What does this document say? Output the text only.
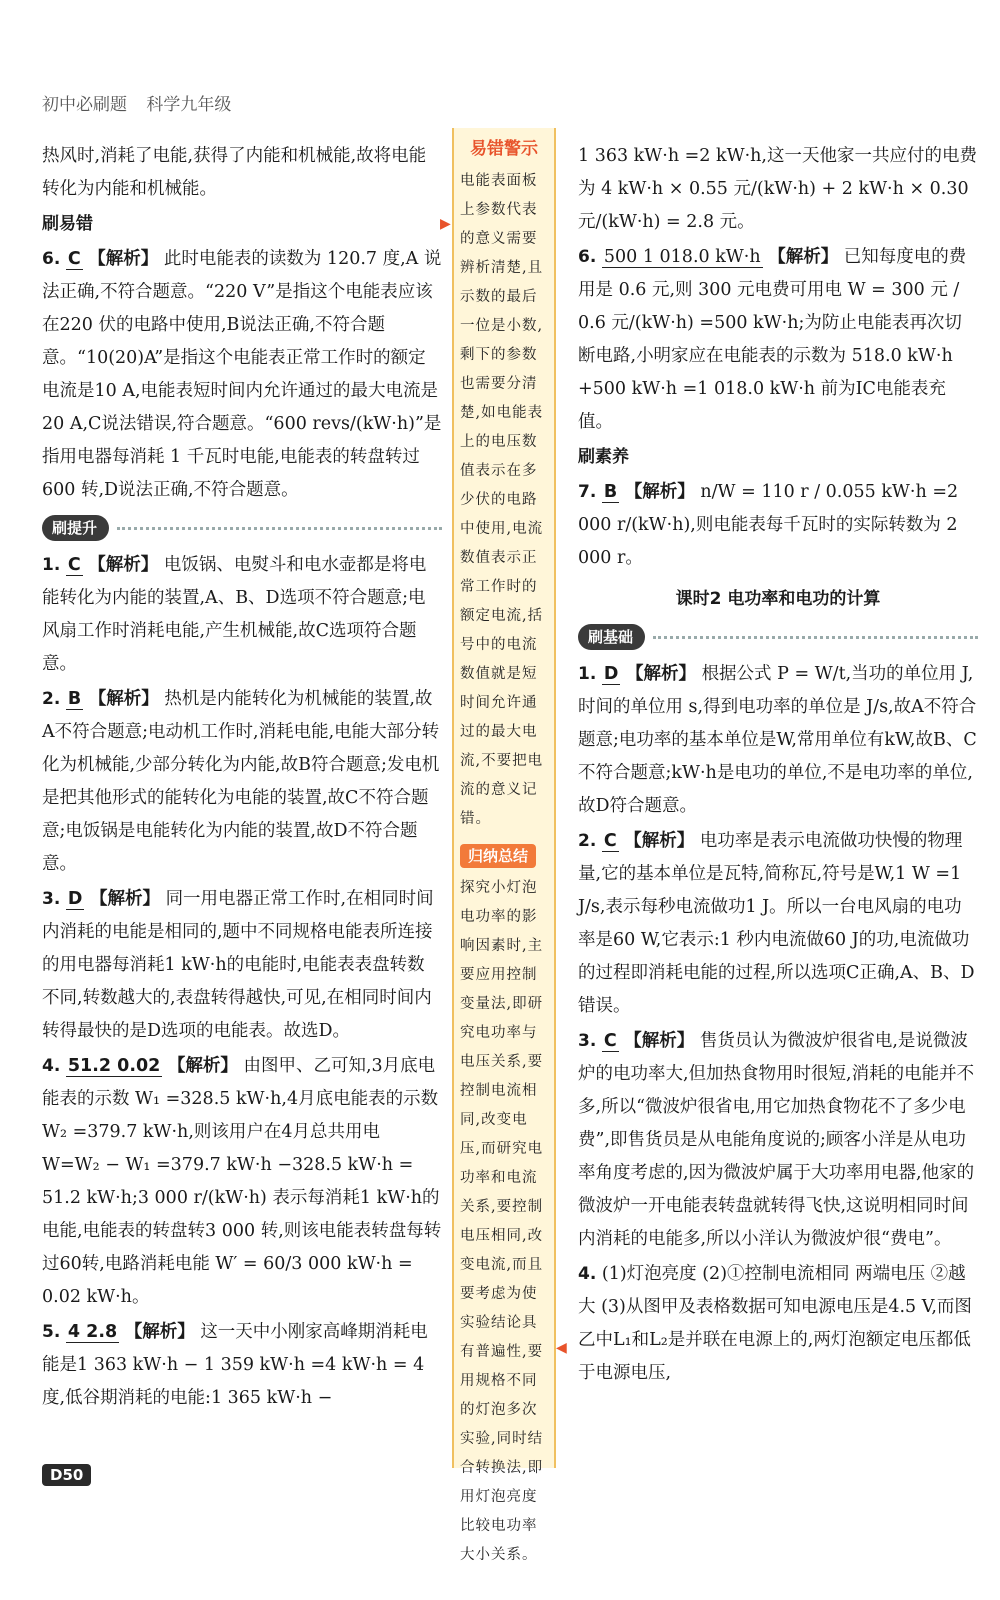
初中必刷题 科学九年级
热风时,消耗了电能,获得了内能和机械能,故将电能转化为内能和机械能。
刷易错
6. C 【解析】 此时电能表的读数为 120.7 度,A 说法正确,不符合题意。“220 V”是指这个电能表应该在220 伏的电路中使用,B说法正确,不符合题意。“10(20)A”是指这个电能表正常工作时的额定电流是10 A,电能表短时间内允许通过的最大电流是 20 A,C说法错误,符合题意。“600 revs/(kW·h)”是指用电器每消耗 1 千瓦时电能,电能表的转盘转过600 转,D说法正确,不符合题意。
刷提升
1. C 【解析】 电饭锅、电熨斗和电水壶都是将电能转化为内能的装置,A、B、D选项不符合题意;电风扇工作时消耗电能,产生机械能,故C选项符合题意。
2. B 【解析】 热机是内能转化为机械能的装置,故A不符合题意;电动机工作时,消耗电能,电能大部分转化为机械能,少部分转化为内能,故B符合题意;发电机是把其他形式的能转化为电能的装置,故C不符合题意;电饭锅是电能转化为内能的装置,故D不符合题意。
3. D 【解析】 同一用电器正常工作时,在相同时间内消耗的电能是相同的,题中不同规格电能表所连接的用电器每消耗1 kW·h的电能时,电能表表盘转数不同,转数越大的,表盘转得越快,可见,在相同时间内转得最快的是D选项的电能表。故选D。
4. 51.2 0.02 【解析】 由图甲、乙可知,3月底电能表的示数 W₁ =328.5 kW·h,4月底电能表的示数 W₂ =379.7 kW·h,则该用户在4月总共用电 W=W₂ − W₁ =379.7 kW·h −328.5 kW·h = 51.2 kW·h;3 000 r/(kW·h) 表示每消耗1 kW·h的电能,电能表的转盘转3 000 转,则该电能表转盘每转过60转,电路消耗电能 W′ = 60/3 000 kW·h = 0.02 kW·h。
5. 4 2.8 【解析】 这一天中小刚家高峰期消耗电能是1 363 kW·h − 1 359 kW·h =4 kW·h = 4度,低谷期消耗的电能:1 365 kW·h −
易错警示
电能表面板上参数代表的意义需要辨析清楚,且示数的最后一位是小数,剩下的参数也需要分清楚,如电能表上的电压数值表示在多少伏的电路中使用,电流数值表示正常工作时的额定电流,括号中的电流数值就是短时间允许通过的最大电流,不要把电流的意义记错。
归纳总结
探究小灯泡电功率的影响因素时,主要应用控制变量法,即研究电功率与电压关系,要控制电流相同,改变电压,而研究电功率和电流关系,要控制电压相同,改变电流,而且要考虑为使实验结论具有普遍性,要用规格不同的灯泡多次实验,同时结合转换法,即用灯泡亮度比较电功率大小关系。
▶
◀
1 363 kW·h =2 kW·h,这一天他家一共应付的电费为 4 kW·h × 0.55 元/(kW·h) + 2 kW·h × 0.30 元/(kW·h) = 2.8 元。
6. 500 1 018.0 kW·h 【解析】 已知每度电的费用是 0.6 元,则 300 元电费可用电 W = 300 元 / 0.6 元/(kW·h) =500 kW·h;为防止电能表再次切断电路,小明家应在电能表的示数为 518.0 kW·h +500 kW·h =1 018.0 kW·h 前为IC电能表充值。
刷素养
7. B 【解析】 n/W = 110 r / 0.055 kW·h =2 000 r/(kW·h),则电能表每千瓦时的实际转数为 2 000 r。
课时2 电功率和电功的计算
刷基础
1. D 【解析】 根据公式 P = W/t,当功的单位用 J,时间的单位用 s,得到电功率的单位是 J/s,故A不符合题意;电功率的基本单位是W,常用单位有kW,故B、C不符合题意;kW·h是电功的单位,不是电功率的单位,故D符合题意。
2. C 【解析】 电功率是表示电流做功快慢的物理量,它的基本单位是瓦特,简称瓦,符号是W,1 W =1 J/s,表示每秒电流做功1 J。所以一台电风扇的电功率是60 W,它表示:1 秒内电流做60 J的功,电流做功的过程即消耗电能的过程,所以选项C正确,A、B、D错误。
3. C 【解析】 售货员认为微波炉很省电,是说微波炉的电功率大,但加热食物用时很短,消耗的电能并不多,所以“微波炉很省电,用它加热食物花不了多少电费”,即售货员是从电能角度说的;顾客小洋是从电功率角度考虑的,因为微波炉属于大功率用电器,他家的微波炉一开电能表转盘就转得飞快,这说明相同时间内消耗的电能多,所以小洋认为微波炉很“费电”。
4. (1)灯泡亮度 (2)①控制电流相同 两端电压 ②越大 (3)从图甲及表格数据可知电源电压是4.5 V,而图乙中L₁和L₂是并联在电源上的,两灯泡额定电压都低于电源电压,
D50
